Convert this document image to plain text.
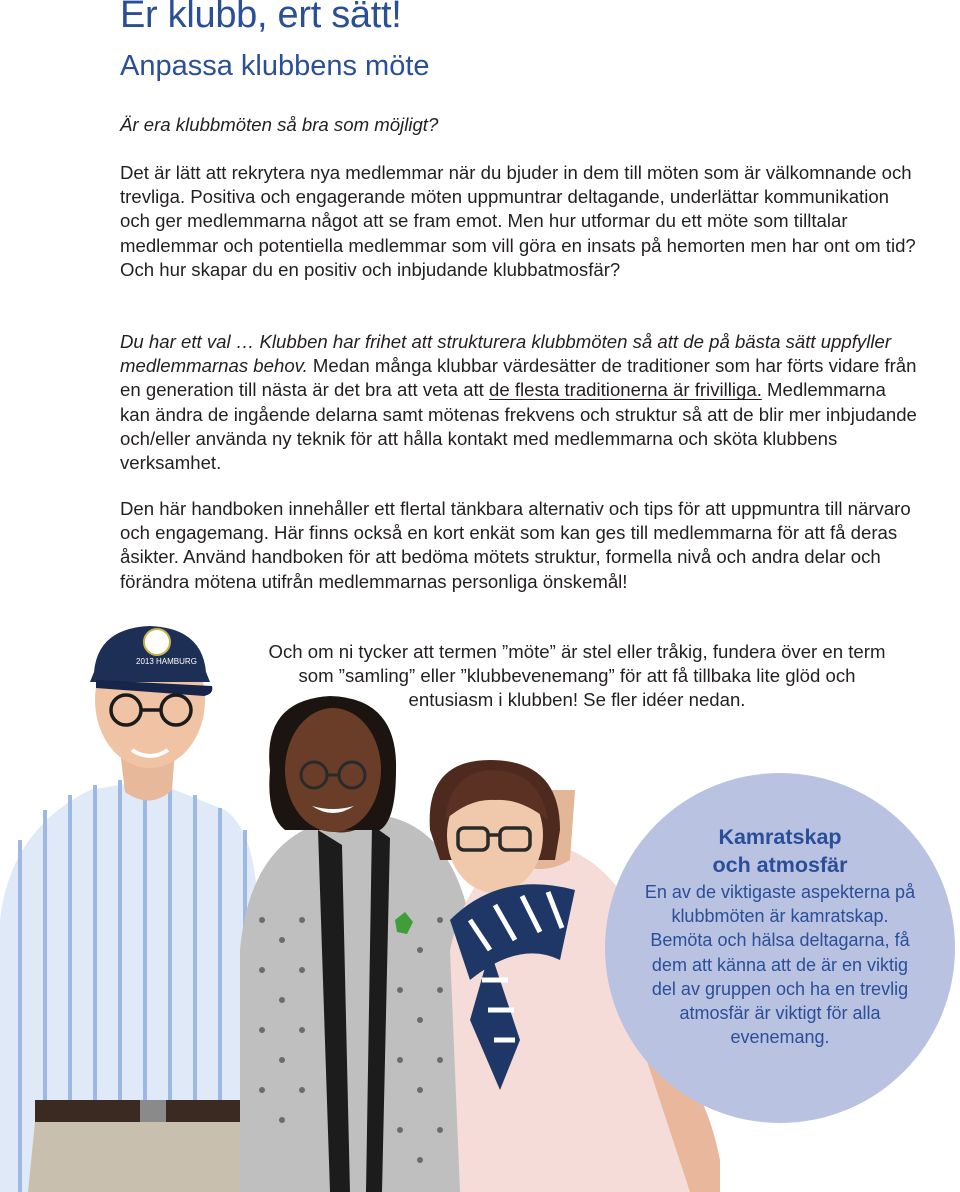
Er klubb, ert sätt!
Anpassa klubbens möte

Är era klubbmöten så bra som möjligt?

Det är lätt att rekrytera nya medlemmar när du bjuder in dem till möten som är välkomnande och trevliga. Positiva och engagerande möten uppmuntrar deltagande, underlättar kommunikation och ger medlemmarna något att se fram emot. Men hur utformar du ett möte som tilltalar medlemmar och potentiella medlemmar som vill göra en insats på hemorten men har ont om tid? Och hur skapar du en positiv och inbjudande klubbatmosfär?

Du har ett val … Klubben har frihet att strukturera klubbmöten så att de på bästa sätt uppfyller medlemmarnas behov. Medan många klubbar värdesätter de traditioner som har förts vidare från en generation till nästa är det bra att veta att de flesta traditionerna är frivilliga. Medlemmarna kan ändra de ingående delarna samt mötenas frekvens och struktur så att de blir mer inbjudande och/eller använda ny teknik för att hålla kontakt med medlemmarna och sköta klubbens verksamhet.

Den här handboken innehåller ett flertal tänkbara alternativ och tips för att uppmuntra till närvaro och engagemang. Här finns också en kort enkät som kan ges till medlemmarna för att få deras åsikter. Använd handboken för att bedöma mötets struktur, formella nivå och andra delar och förändra mötena utifrån medlemmarnas personliga önskemål!

Och om ni tycker att termen ”möte” är stel eller tråkig, fundera över en term som ”samling” eller ”klubbevenemang” för att få tillbaka lite glöd och entusiasm i klubben! Se fler idéer nedan.

2013 HAMBURG
Kamratskap
och atmosfär

En av de viktigaste aspekterna på klubbmöten är kamratskap. Bemöta och hälsa deltagarna, få dem att känna att de är en viktig del av gruppen och ha en trevlig atmosfär är viktigt för alla evenemang.
